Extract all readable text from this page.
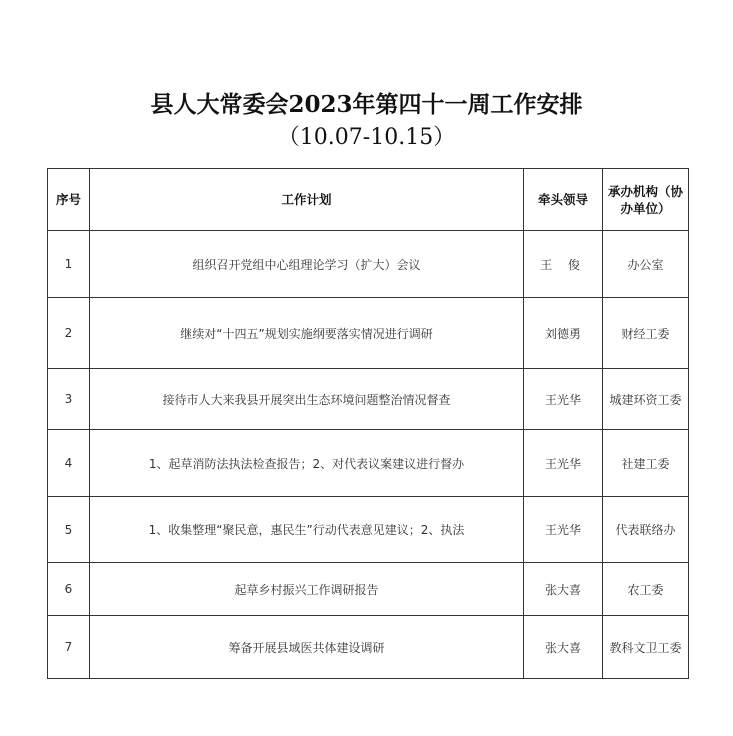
县人大常委会2023年第四十一周工作安排
（10.07-10.15）
序号	工作计划	牵头领导	承办机构（协办单位）
1	组织召开党组中心组理论学习（扩大）会议	王 俊	办公室
2	继续对“十四五”规划实施纲要落实情况进行调研	刘德勇	财经工委
3	接待市人大来我县开展突出生态环境问题整治情况督查	王光华	城建环资工委
4	1、起草消防法执法检查报告；2、对代表议案建议进行督办	王光华	社建工委
5	1、收集整理“聚民意，惠民生”行动代表意见建议；2、执法	王光华	代表联络办
6	起草乡村振兴工作调研报告	张大喜	农工委
7	筹备开展县域医共体建设调研	张大喜	教科文卫工委
